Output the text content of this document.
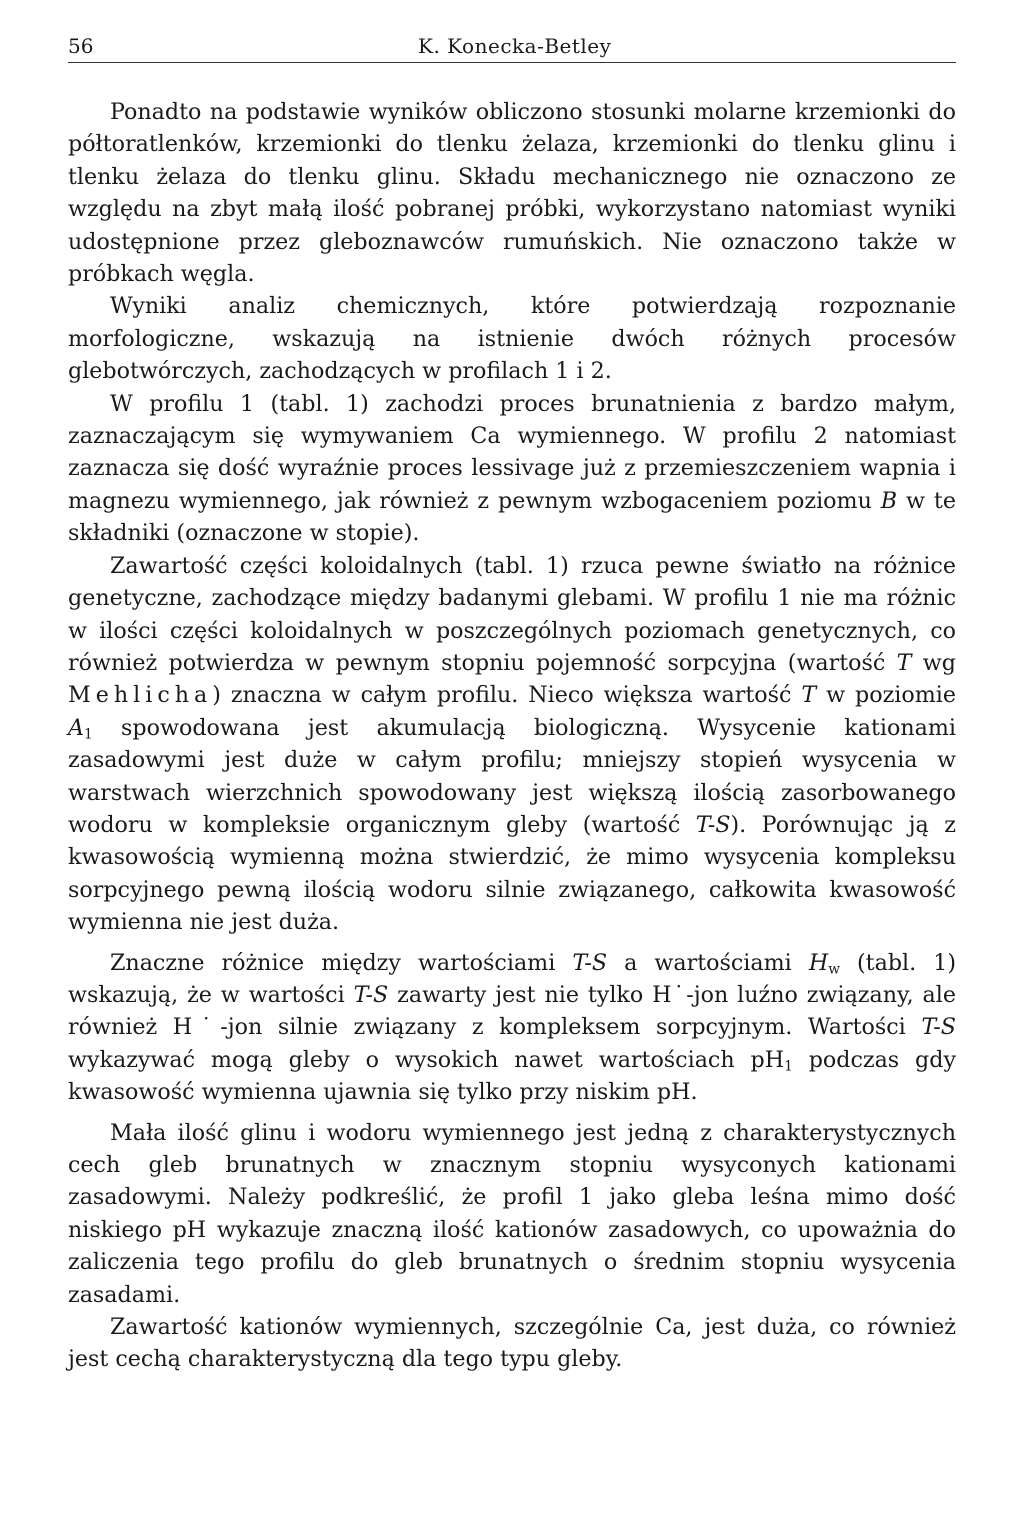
56	K. Konecka-Betley

Ponadto na podstawie wyników obliczono stosunki molarne krzemionki do półtoratlenków, krzemionki do tlenku żelaza, krzemionki do tlenku glinu i tlenku żelaza do tlenku glinu. Składu mechanicznego nie oznaczono ze względu na zbyt małą ilość pobranej próbki, wykorzystano natomiast wyniki udostępnione przez gleboznawców rumuńskich. Nie oznaczono także w próbkach węgla.

Wyniki analiz chemicznych, które potwierdzają rozpoznanie morfologiczne, wskazują na istnienie dwóch różnych procesów glebotwórczych, zachodzących w profilach 1 i 2.

W profilu 1 (tabl. 1) zachodzi proces brunatnienia z bardzo małym, zaznaczającym się wymywaniem Ca wymiennego. W profilu 2 natomiast zaznacza się dość wyraźnie proces lessivage już z przemieszczeniem wapnia i magnezu wymiennego, jak również z pewnym wzbogaceniem poziomu B w te składniki (oznaczone w stopie).

Zawartość części koloidalnych (tabl. 1) rzuca pewne światło na różnice genetyczne, zachodzące między badanymi glebami. W profilu 1 nie ma różnic w ilości części koloidalnych w poszczególnych poziomach genetycznych, co również potwierdza w pewnym stopniu pojemność sorpcyjna (wartość T wg Mehlicha) znaczna w całym profilu. Nieco większa wartość T w poziomie $A_1$ spowodowana jest akumulacją biologiczną. Wysycenie kationami zasadowymi jest duże w całym profilu; mniejszy stopień wysycenia w warstwach wierzchnich spowodowany jest większą ilością zasorbowanego wodoru w kompleksie organicznym gleby (wartość T-S). Porównując ją z kwasowością wymienną można stwierdzić, że mimo wysycenia kompleksu sorpcyjnego pewną ilością wodoru silnie związanego, całkowita kwasowość wymienna nie jest duża.

Znaczne różnice między wartościami T-S a wartościami $H_w$ (tabl. 1) wskazują, że w wartości T-S zawarty jest nie tylko H˙-jon luźno związany, ale również H˙-jon silnie związany z kompleksem sorpcyjnym. Wartości T-S wykazywać mogą gleby o wysokich nawet wartościach $pH_1$ podczas gdy kwasowość wymienna ujawnia się tylko przy niskim pH.

Mała ilość glinu i wodoru wymiennego jest jedną z charakterystycznych cech gleb brunatnych w znacznym stopniu wysyconych kationami zasadowymi. Należy podkreślić, że profil 1 jako gleba leśna mimo dość niskiego pH wykazuje znaczną ilość kationów zasadowych, co upoważnia do zaliczenia tego profilu do gleb brunatnych o średnim stopniu wysycenia zasadami.

Zawartość kationów wymiennych, szczególnie Ca, jest duża, co również jest cechą charakterystyczną dla tego typu gleby.
